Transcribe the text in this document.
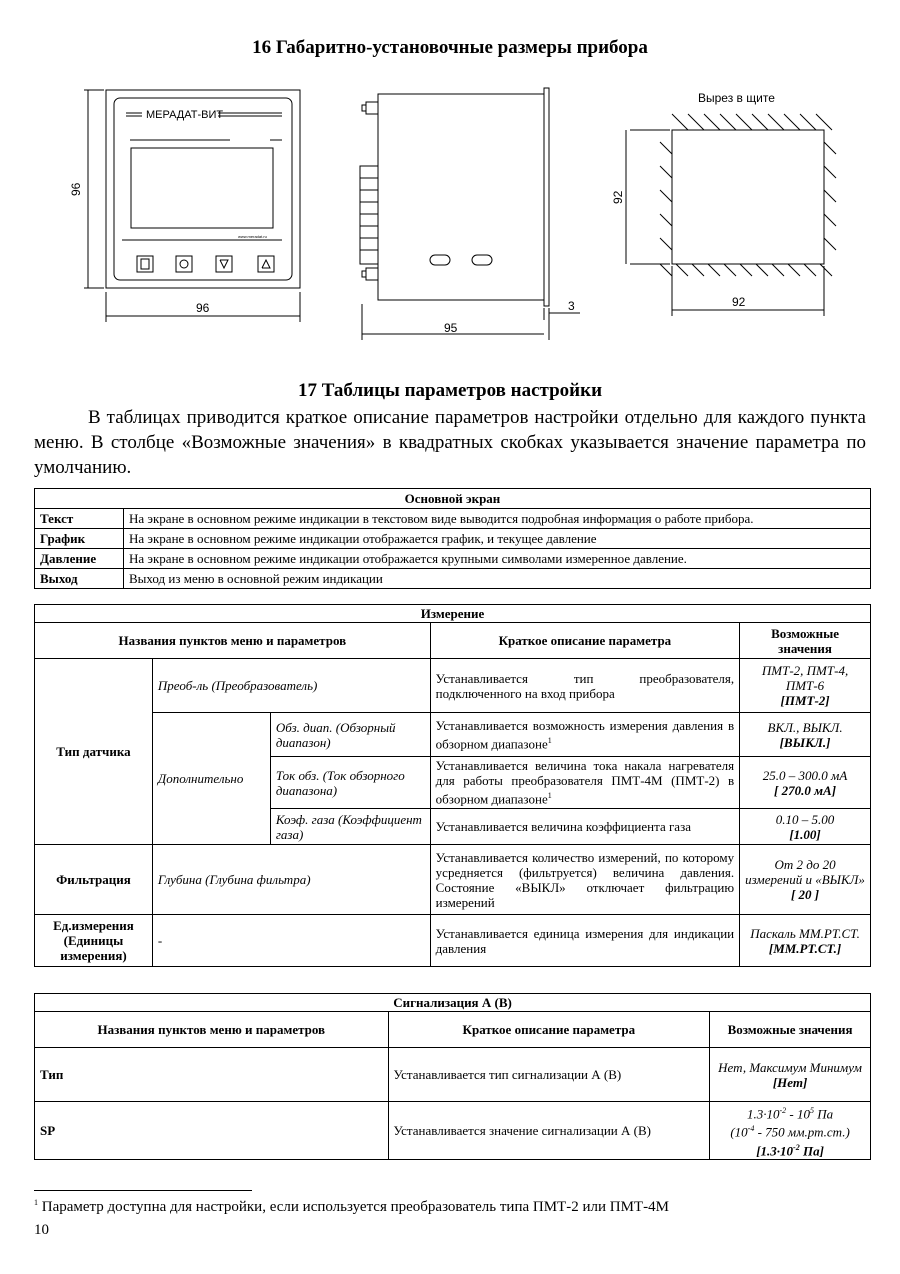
16 Габаритно-установочные размеры прибора
МЕРАДАТ-ВИТ
www.meradat.ru
96
96
95
3
Вырез в щите
92
92
17 Таблицы параметров настройки

В таблицах приводится краткое описание параметров настройки отдельно для каждого пункта меню. В столбце «Возможные значения» в квадратных скобках указывается значение параметра по умолчанию.

Основной экран	
Текст	На экране в основном режиме индикации в текстовом виде выводится подробная информация о работе прибора.
График	На экране в основном режиме индикации отображается график, и текущее давление
Давление	На экране в основном режиме индикации отображается крупными символами измеренное давление.
Выход	Выход из меню в основной режим индикации
Измерение				
Названия пунктов меню и параметров			Краткое описание параметра	Возможные значения
Тип датчика	Преоб-ль (Преобразователь)		Устанавливается тип преобразователя, подключенного на вход прибора	ПМТ-2, ПМТ-4, ПМТ-6
[ПМТ-2]

	Дополнительно	Обз. диап. (Обзорный диапазон)	Устанавливается возможность измерения давления в обзорном диапазоне$^1$	ВКЛ., ВЫКЛ.
[ВЫКЛ.]

		Ток обз. (Ток обзорного диапазона)	Устанавливается величина тока накала нагревателя для работы преобразователя ПМТ-4М (ПМТ-2) в обзорном диапазоне$^1$	25.0 – 300.0 мА
[ 270.0 мА]

		Коэф. газа (Коэффициент газа)	Устанавливается величина коэффициента газа	0.10 – 5.00
[1.00]

Фильтрация	Глубина (Глубина фильтра)		Устанавливается количество измерений, по которому усредняется (фильтруется) величина давления. Состояние «ВЫКЛ» отключает фильтрацию измерений	От 2 до 20 измерений и «ВЫКЛ»
[ 20 ]

Ед.измерения (Единицы измерения)	-		Устанавливается единица измерения для индикации давления	Паскаль ММ.РТ.СТ.
[ММ.РТ.СТ.]
Сигнализация А (В)		
Названия пунктов меню и параметров	Краткое описание параметра	Возможные значения
Тип	Устанавливается тип сигнализации А (В)	Нет, Максимум Минимум
[Нет]

SP	Устанавливается значение сигнализации А (В)	$1.3\cdot 10^{-2} - 10^5$ Па
($10^{-4} - 750$ мм.рт.ст.)
[$1.3\cdot 10^{-2}$ Па]
$^1$ Параметр доступна для настройки, если используется преобразователь типа ПМТ-2 или ПМТ-4М
10
